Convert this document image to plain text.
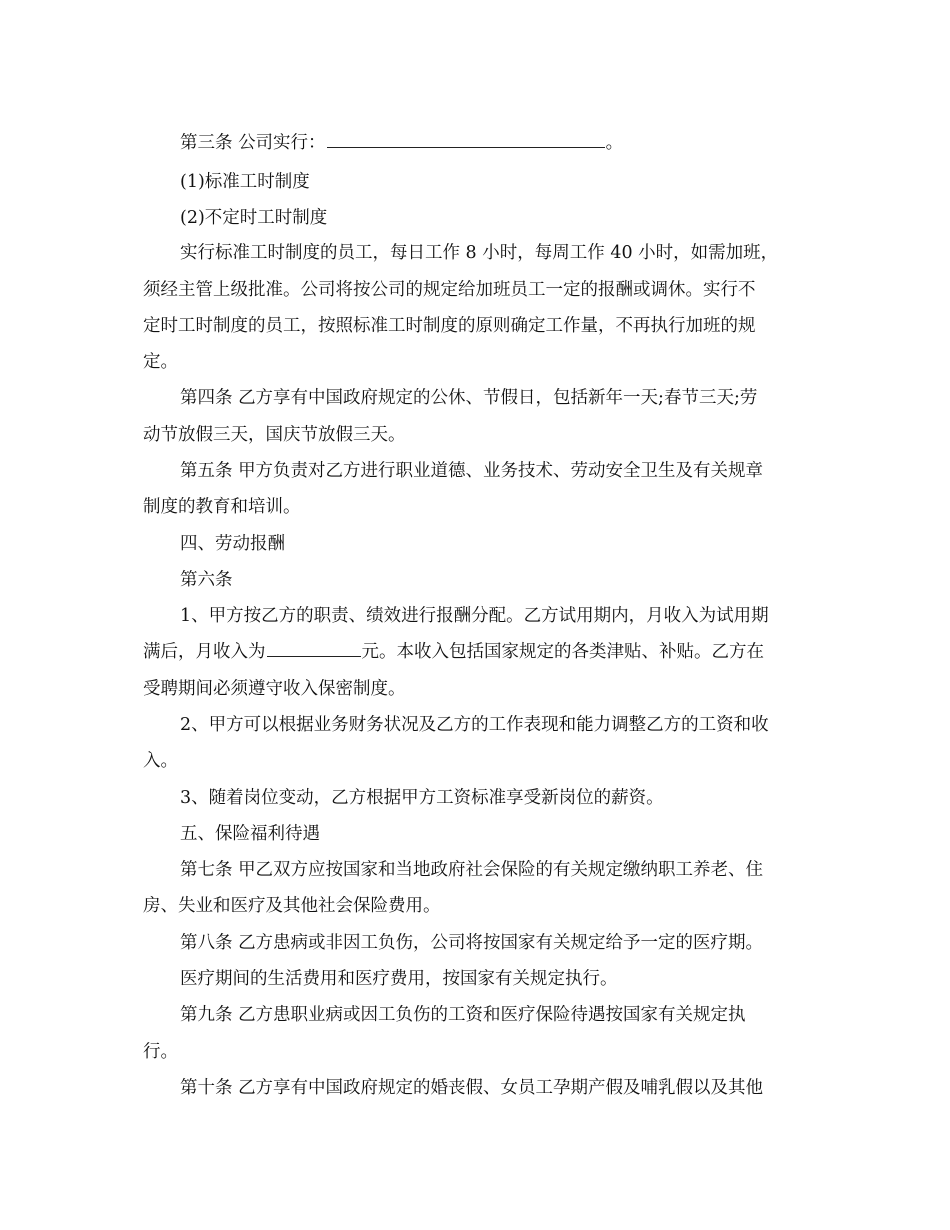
第三条 公司实行：	。
(1)标准工时制度
(2)不定时工时制度
实行标准工时制度的员工，每日工作 8 小时，每周工作 40 小时，如需加班，
须经主管上级批准。公司将按公司的规定给加班员工一定的报酬或调休。实行不
定时工时制度的员工，按照标准工时制度的原则确定工作量，不再执行加班的规
定。
第四条 乙方享有中国政府规定的公休、节假日，包括新年一天;春节三天;劳
动节放假三天，国庆节放假三天。
第五条 甲方负责对乙方进行职业道德、业务技术、劳动安全卫生及有关规章
制度的教育和培训。
四、劳动报酬
第六条
1、甲方按乙方的职责、绩效进行报酬分配。乙方试用期内，月收入为试用期
满后，月收入为	元。本收入包括国家规定的各类津贴、补贴。乙方在
受聘期间必须遵守收入保密制度。
2、甲方可以根据业务财务状况及乙方的工作表现和能力调整乙方的工资和收
入。
3、随着岗位变动，乙方根据甲方工资标准享受新岗位的薪资。
五、保险福利待遇
第七条 甲乙双方应按国家和当地政府社会保险的有关规定缴纳职工养老、住
房、失业和医疗及其他社会保险费用。
第八条 乙方患病或非因工负伤，公司将按国家有关规定给予一定的医疗期。
医疗期间的生活费用和医疗费用，按国家有关规定执行。
第九条 乙方患职业病或因工负伤的工资和医疗保险待遇按国家有关规定执
行。
第十条 乙方享有中国政府规定的婚丧假、女员工孕期产假及哺乳假以及其他
